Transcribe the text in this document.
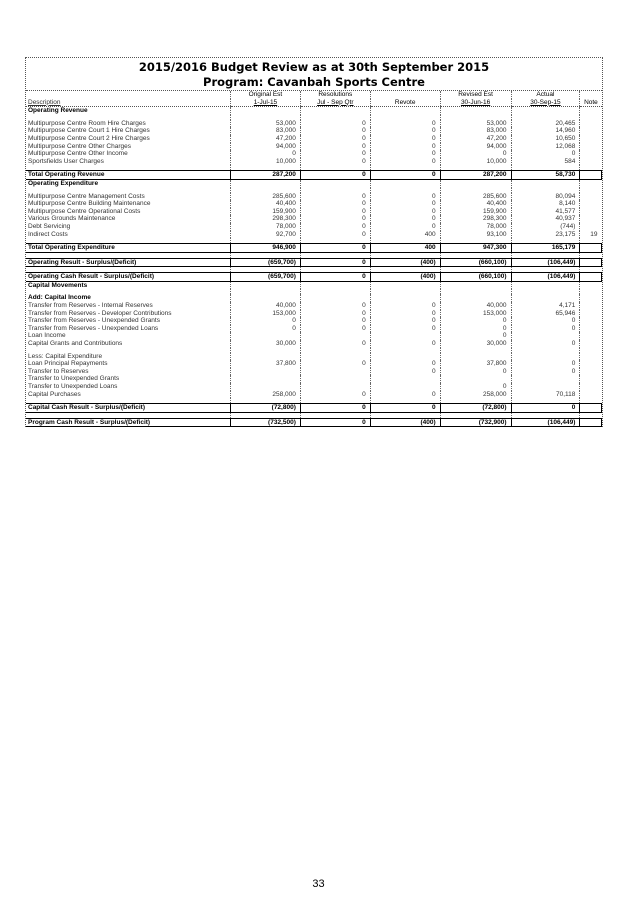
2015/2016 Budget Review as at 30th September 2015
Program: Cavanbah Sports Centre
	Original Est	Resolutions		Revised Est	Actual	
Description	1-Jul-15	Jul - Sep Qtr	Revote	30-Jun-16	30-Sep-15	Note
Operating Revenue						

Multipurpose Centre Room Hire Charges	53,000	0	0	53,000	20,465	
Multipurpose Centre Court 1 Hire Charges	83,000	0	0	83,000	14,960	
Multipurpose Centre Court 2 Hire Charges	47,200	0	0	47,200	10,650	
Multipurpose Centre Other Charges	94,000	0	0	94,000	12,068	
Multipurpose Centre Other Income	0	0	0	0	0	
Sportsfields User Charges	10,000	0	0	10,000	584	

Total Operating Revenue	287,200	0	0	287,200	58,730	
Operating Expenditure						

Multipurpose Centre Management Costs	285,600	0	0	285,600	80,094	
Multipurpose Centre Building Maintenance	40,400	0	0	40,400	8,140	
Multipurpose Centre Operational Costs	159,900	0	0	159,900	41,577	
Various Grounds Maintenance	298,300	0	0	298,300	40,937	
Debt Servicing	78,000	0	0	78,000	(744)	
Indirect Costs	92,700	0	400	93,100	23,175	19

Total Operating Expenditure	946,900	0	400	947,300	165,179	

Operating Result - Surplus/(Deficit)	(659,700)	0	(400)	(660,100)	(106,449)	

Operating Cash Result - Surplus/(Deficit)	(659,700)	0	(400)	(660,100)	(106,449)	
Capital Movements						

Add: Capital Income						
Transfer from Reserves - Internal Reserves	40,000	0	0	40,000	4,171	
Transfer from Reserves - Developer Contributions	153,000	0	0	153,000	65,946	
Transfer from Reserves - Unexpended Grants	0	0	0	0	0	
Transfer from Reserves - Unexpended Loans	0	0	0	0	0	
Loan Income				0		
Capital Grants and Contributions	30,000	0	0	30,000	0	

Less: Capital Expenditure						
Loan Principal Repayments	37,800	0	0	37,800	0	
Transfer to Reserves			0	0	0	
Transfer to Unexpended Grants						
Transfer to Unexpended Loans				0		
Capital Purchases	258,000	0	0	258,000	70,118	

Capital Cash Result - Surplus/(Deficit)	(72,800)	0	0	(72,800)	0	

Program Cash Result - Surplus/(Deficit)	(732,500)	0	(400)	(732,900)	(106,449)	
33
